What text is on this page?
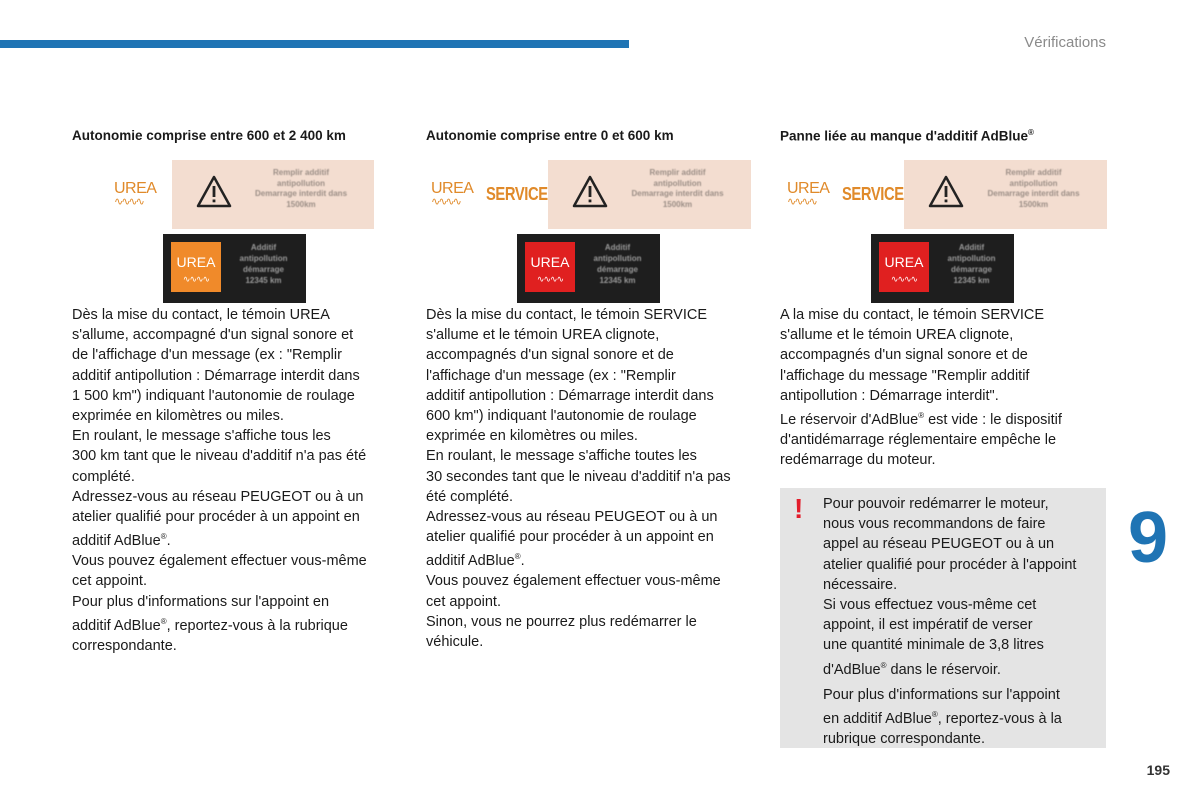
Vérifications
Autonomie comprise entre 600 et 2 400 km
UREA
∿∿∿∿
Remplir additif
antipollution
Demarrage interdit dans
1500km
UREA
∿∿∿∿
Additif
antipollution
démarrage
12345 km

Dès la mise du contact, le témoin UREA

s'allume, accompagné d'un signal sonore et

de l'affichage d'un message (ex : "Remplir

additif antipollution : Démarrage interdit dans

1 500 km") indiquant l'autonomie de roulage

exprimée en kilomètres ou miles.

En roulant, le message s'affiche tous les

300 km tant que le niveau d'additif n'a pas été

complété.

Adressez-vous au réseau PEUGEOT ou à un

atelier qualifié pour procéder à un appoint en

additif AdBlue®.

Vous pouvez également effectuer vous-même

cet appoint.

Pour plus d'informations sur l'appoint en

additif AdBlue®, reportez-vous à la rubrique

correspondante.

Autonomie comprise entre 0 et 600 km
UREA
∿∿∿∿	SERVICE
Remplir additif
antipollution
Demarrage interdit dans
1500km
UREA
∿∿∿∿
Additif
antipollution
démarrage
12345 km

Dès la mise du contact, le témoin SERVICE

s'allume et le témoin UREA clignote,

accompagnés d'un signal sonore et de

l'affichage d'un message (ex : "Remplir

additif antipollution : Démarrage interdit dans

600 km") indiquant l'autonomie de roulage

exprimée en kilomètres ou miles.

En roulant, le message s'affiche toutes les

30 secondes tant que le niveau d'additif n'a pas

été complété.

Adressez-vous au réseau PEUGEOT ou à un

atelier qualifié pour procéder à un appoint en

additif AdBlue®.

Vous pouvez également effectuer vous-même

cet appoint.

Sinon, vous ne pourrez plus redémarrer le

véhicule.

Panne liée au manque d'additif AdBlue®
UREA
∿∿∿∿	SERVICE
Remplir additif
antipollution
Demarrage interdit dans
1500km
UREA
∿∿∿∿
Additif
antipollution
démarrage
12345 km

A la mise du contact, le témoin SERVICE

s'allume et le témoin UREA clignote,

accompagnés d'un signal sonore et de

l'affichage du message "Remplir additif

antipollution : Démarrage interdit".

Le réservoir d'AdBlue® est vide : le dispositif

d'antidémarrage réglementaire empêche le

redémarrage du moteur.

! Pour pouvoir redémarrer le moteur,

nous vous recommandons de faire

appel au réseau PEUGEOT ou à un

atelier qualifié pour procéder à l'appoint

nécessaire.

Si vous effectuez vous-même cet

appoint, il est impératif de verser

une quantité minimale de 3,8 litres

d'AdBlue® dans le réservoir.

Pour plus d'informations sur l'appoint

en additif AdBlue®, reportez-vous à la

rubrique correspondante.

9
195
